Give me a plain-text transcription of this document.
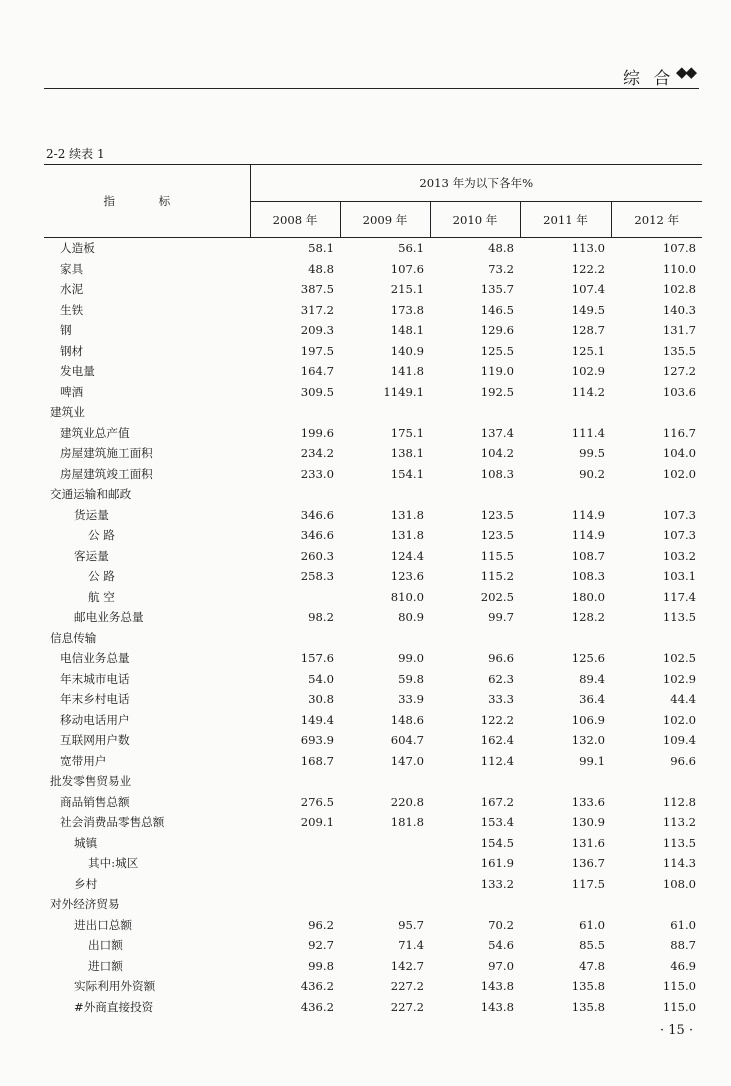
综 合 ◆◆
2-2 续表 1
指 标	2013 年为以下各年%				
	2008 年	2009 年	2010 年	2011 年	2012 年
人造板	58.1	56.1	48.8	113.0	107.8
家具	48.8	107.6	73.2	122.2	110.0
水泥	387.5	215.1	135.7	107.4	102.8
生铁	317.2	173.8	146.5	149.5	140.3
钢	209.3	148.1	129.6	128.7	131.7
钢材	197.5	140.9	125.5	125.1	135.5
发电量	164.7	141.8	119.0	102.9	127.2
啤酒	309.5	1149.1	192.5	114.2	103.6
建筑业					
建筑业总产值	199.6	175.1	137.4	111.4	116.7
房屋建筑施工面积	234.2	138.1	104.2	99.5	104.0
房屋建筑竣工面积	233.0	154.1	108.3	90.2	102.0
交通运输和邮政					
货运量	346.6	131.8	123.5	114.9	107.3
公 路	346.6	131.8	123.5	114.9	107.3
客运量	260.3	124.4	115.5	108.7	103.2
公 路	258.3	123.6	115.2	108.3	103.1
航 空		810.0	202.5	180.0	117.4
邮电业务总量	98.2	80.9	99.7	128.2	113.5
信息传输					
电信业务总量	157.6	99.0	96.6	125.6	102.5
年末城市电话	54.0	59.8	62.3	89.4	102.9
年末乡村电话	30.8	33.9	33.3	36.4	44.4
移动电话用户	149.4	148.6	122.2	106.9	102.0
互联网用户数	693.9	604.7	162.4	132.0	109.4
宽带用户	168.7	147.0	112.4	99.1	96.6
批发零售贸易业					
商品销售总额	276.5	220.8	167.2	133.6	112.8
社会消费品零售总额	209.1	181.8	153.4	130.9	113.2
城镇			154.5	131.6	113.5
其中:城区			161.9	136.7	114.3
乡村			133.2	117.5	108.0
对外经济贸易					
进出口总额	96.2	95.7	70.2	61.0	61.0
出口额	92.7	71.4	54.6	85.5	88.7
进口额	99.8	142.7	97.0	47.8	46.9
实际利用外资额	436.2	227.2	143.8	135.8	115.0
#外商直接投资	436.2	227.2	143.8	135.8	115.0
· 15 ·
